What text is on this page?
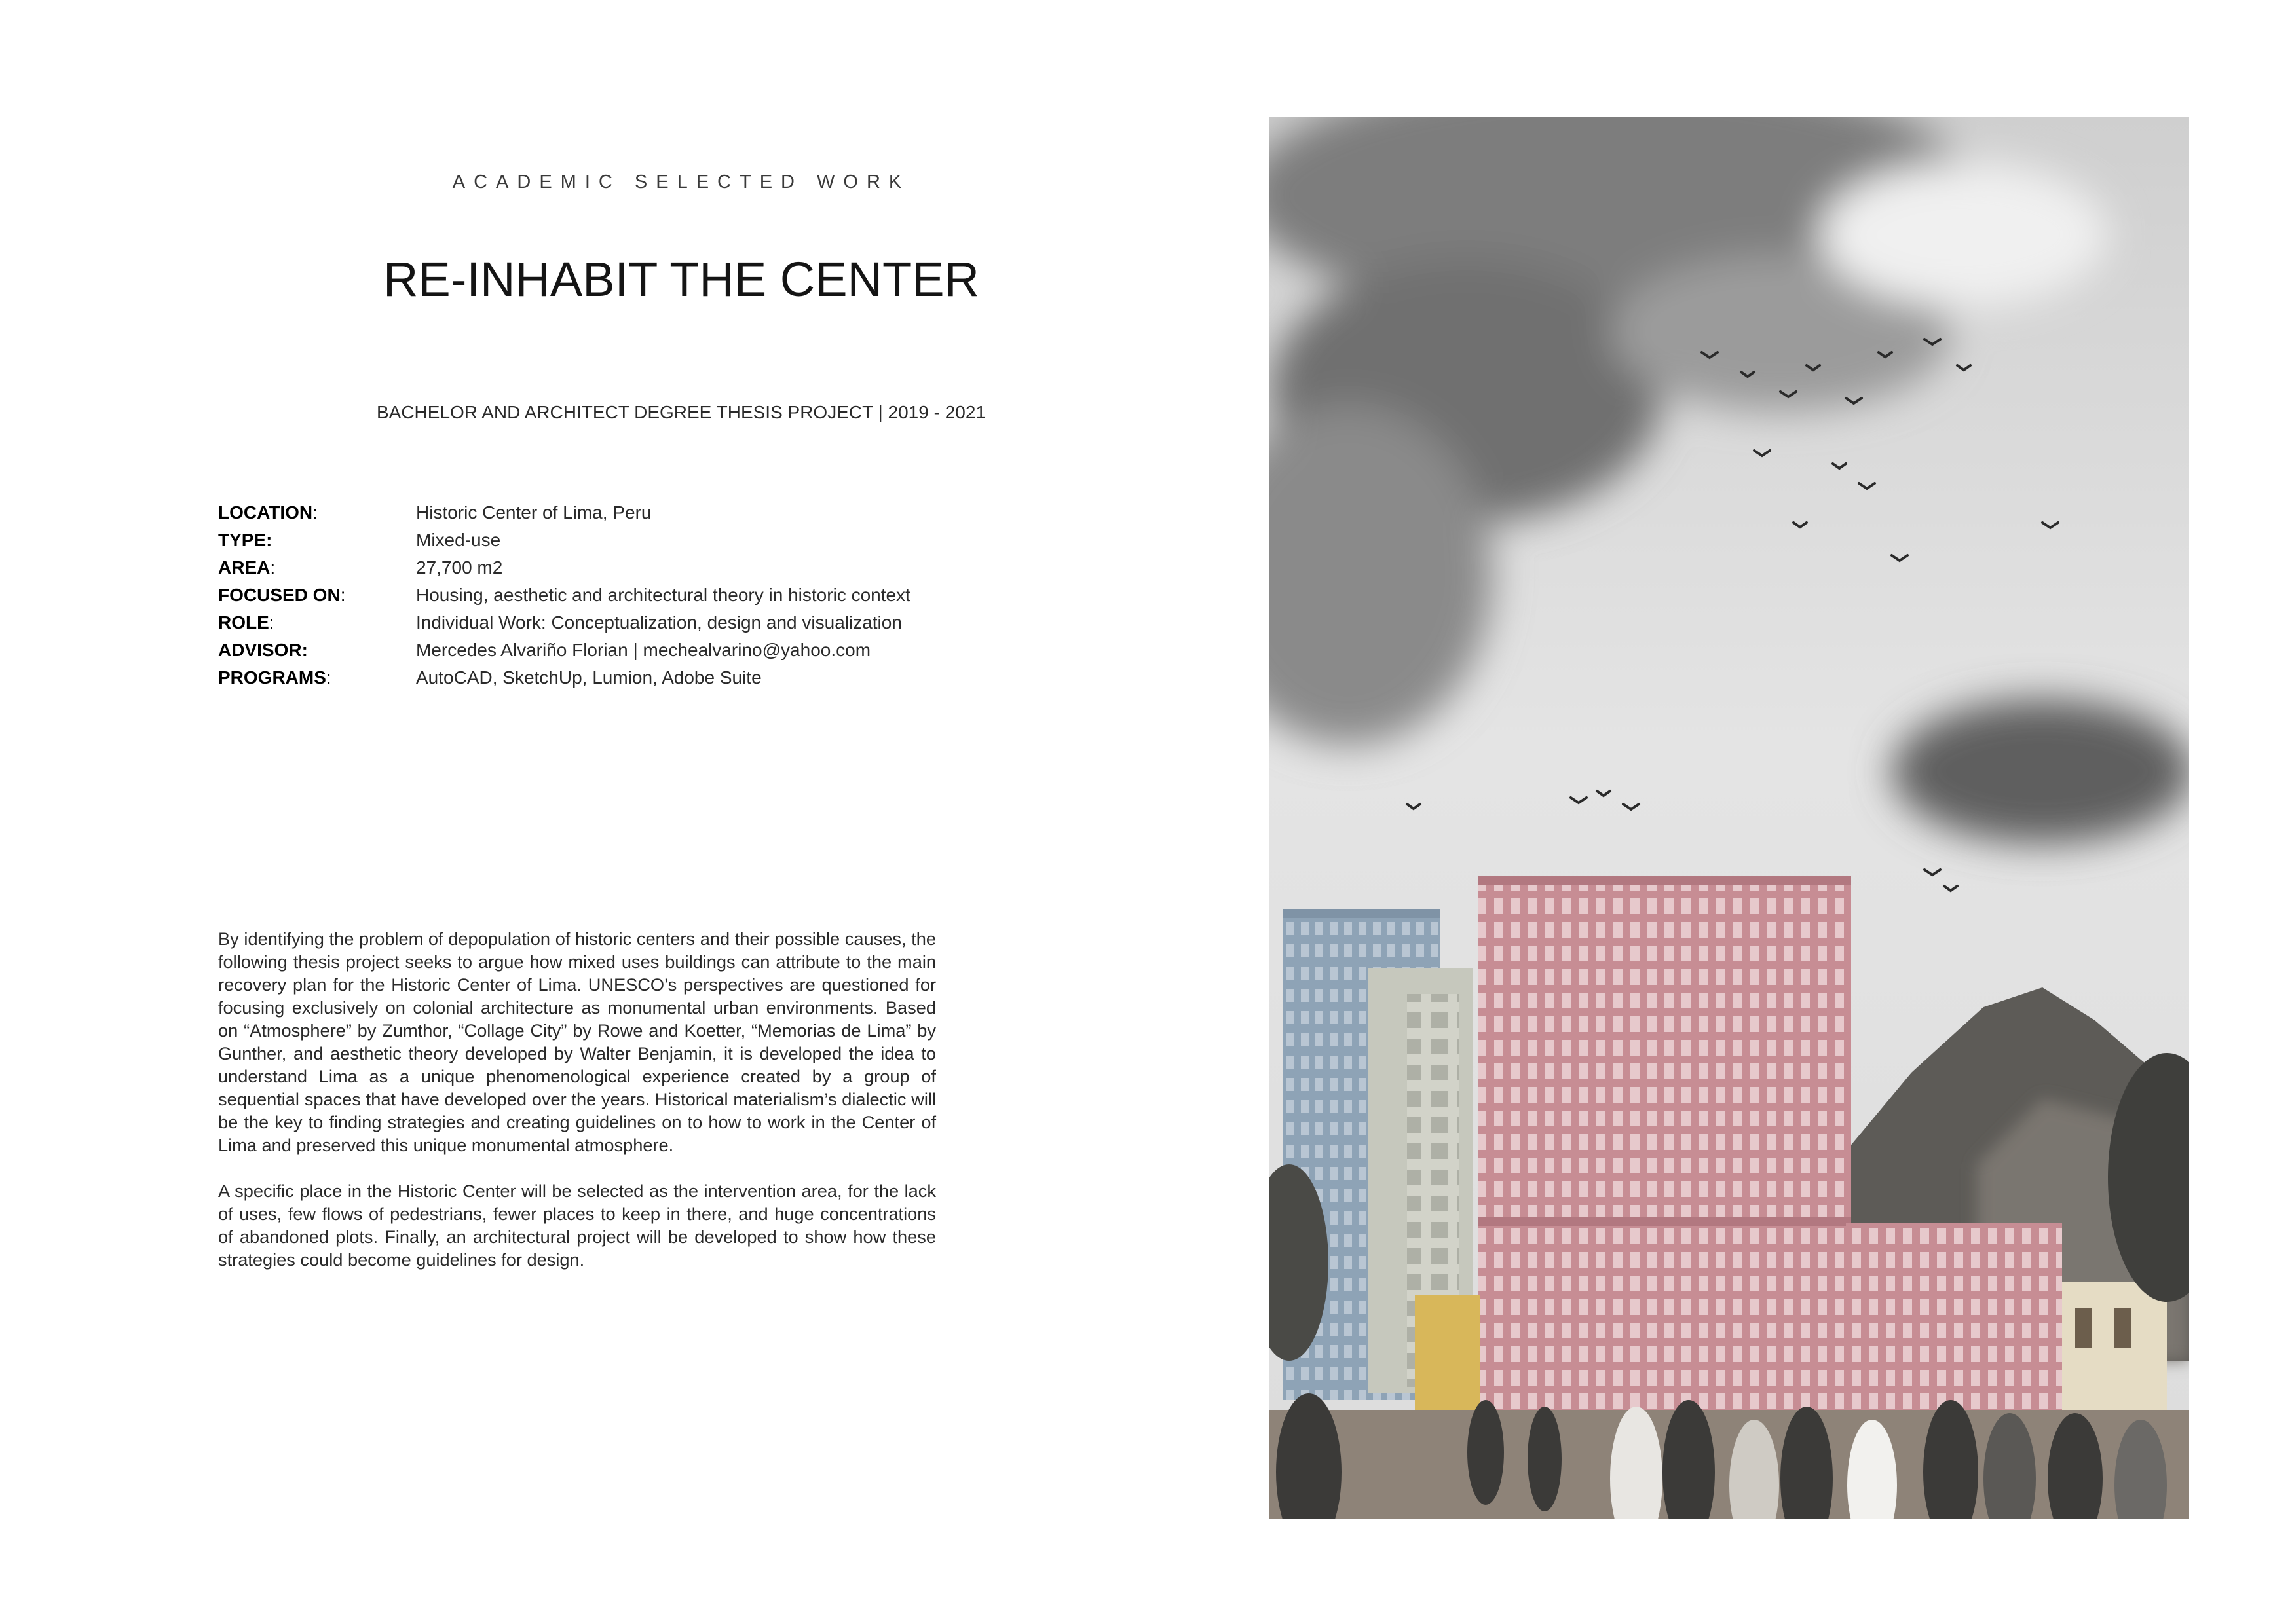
ACADEMIC SELECTED WORK
RE-INHABIT THE CENTER
BACHELOR AND ARCHITECT DEGREE THESIS PROJECT | 2019 - 2021
LOCATION:	Historic Center of Lima, Peru
TYPE:	Mixed-use
AREA:	27,700 m2
FOCUSED ON:	Housing, aesthetic and architectural theory in historic context
ROLE:	Individual Work: Conceptualization, design and visualization
ADVISOR:	Mercedes Alvariño Florian | mechealvarino@yahoo.com
PROGRAMS:	AutoCAD, SketchUp, Lumion, Adobe Suite

By identifying the problem of depopulation of historic centers and their possible causes, the following thesis project seeks to argue how mixed uses buildings can attribute to the main recovery plan for the Historic Center of Lima. UNESCO’s perspectives are questioned for focusing exclusively on colonial architecture as monumental urban environments. Based on “Atmosphere” by Zumthor, “Collage City” by Rowe and Koetter, “Memorias de Lima” by Gunther, and aesthetic theory developed by Walter Benjamin, it is developed the idea to understand Lima as a unique phenomenological experience created by a group of sequential spaces that have developed over the years. Historical materialism’s dialectic will be the key to finding strategies and creating guidelines on to how to work in the Center of Lima and preserved this unique monumental atmosphere.

A specific place in the Historic Center will be selected as the intervention area, for the lack of uses, few flows of pedestrians, fewer places to keep in there, and huge concentrations of abandoned plots. Finally, an architectural project will be developed to show how these strategies could become guidelines for design.
